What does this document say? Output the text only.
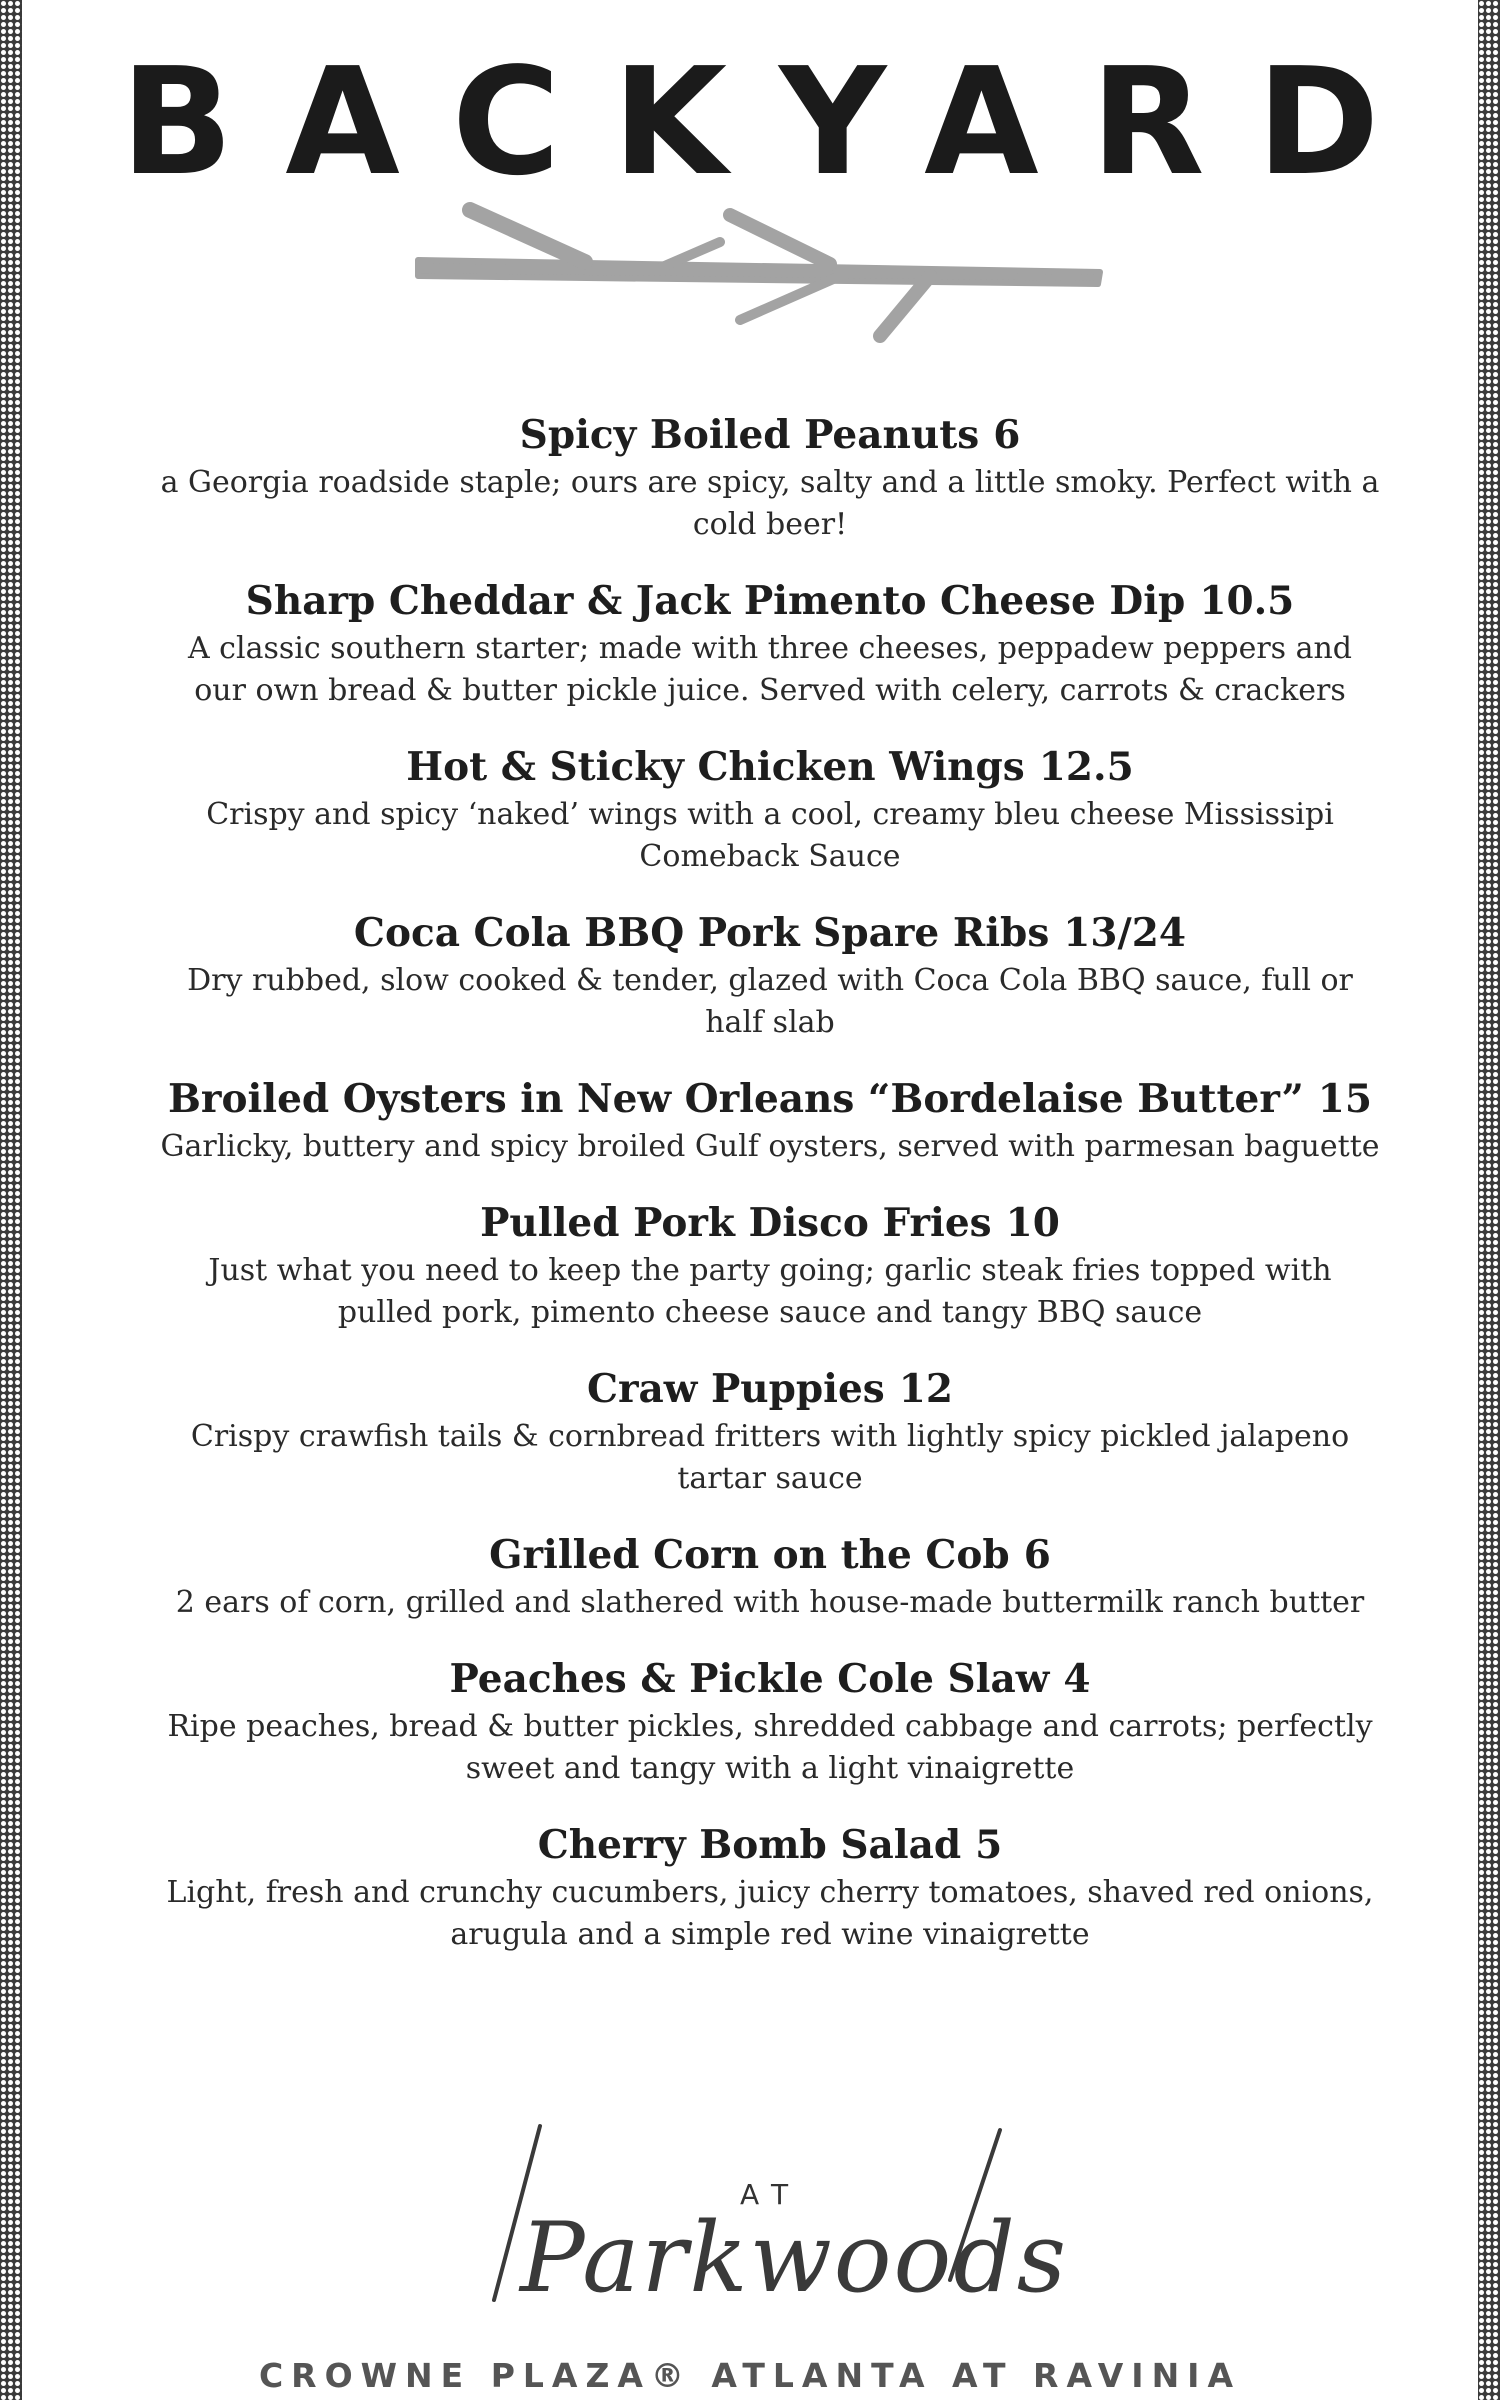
BACKYARD
Spicy Boiled Peanuts 6
a Georgia roadside staple; ours are spicy, salty and a little smoky. Perfect with a cold beer!
Sharp Cheddar & Jack Pimento Cheese Dip 10.5
A classic southern starter; made with three cheeses, peppadew peppers and our own bread & butter pickle juice. Served with celery, carrots & crackers
Hot & Sticky Chicken Wings 12.5
Crispy and spicy ‘naked’ wings with a cool, creamy bleu cheese Mississipi Comeback Sauce
Coca Cola BBQ Pork Spare Ribs 13/24
Dry rubbed, slow cooked & tender, glazed with Coca Cola BBQ sauce, full or half slab
Broiled Oysters in New Orleans “Bordelaise Butter” 15
Garlicky, buttery and spicy broiled Gulf oysters, served with parmesan baguette
Pulled Pork Disco Fries 10
Just what you need to keep the party going; garlic steak fries topped with pulled pork, pimento cheese sauce and tangy BBQ sauce
Craw Puppies 12
Crispy crawfish tails & cornbread fritters with lightly spicy pickled jalapeno tartar sauce
Grilled Corn on the Cob 6
2 ears of corn, grilled and slathered with house-made buttermilk ranch butter
Peaches & Pickle Cole Slaw 4
Ripe peaches, bread & butter pickles, shredded cabbage and carrots; perfectly sweet and tangy with a light vinaigrette
Cherry Bomb Salad 5
Light, fresh and crunchy cucumbers, juicy cherry tomatoes, shaved red onions, arugula and a simple red wine vinaigrette
AT
Parkwoods
CROWNE PLAZA® ATLANTA AT RAVINIA
